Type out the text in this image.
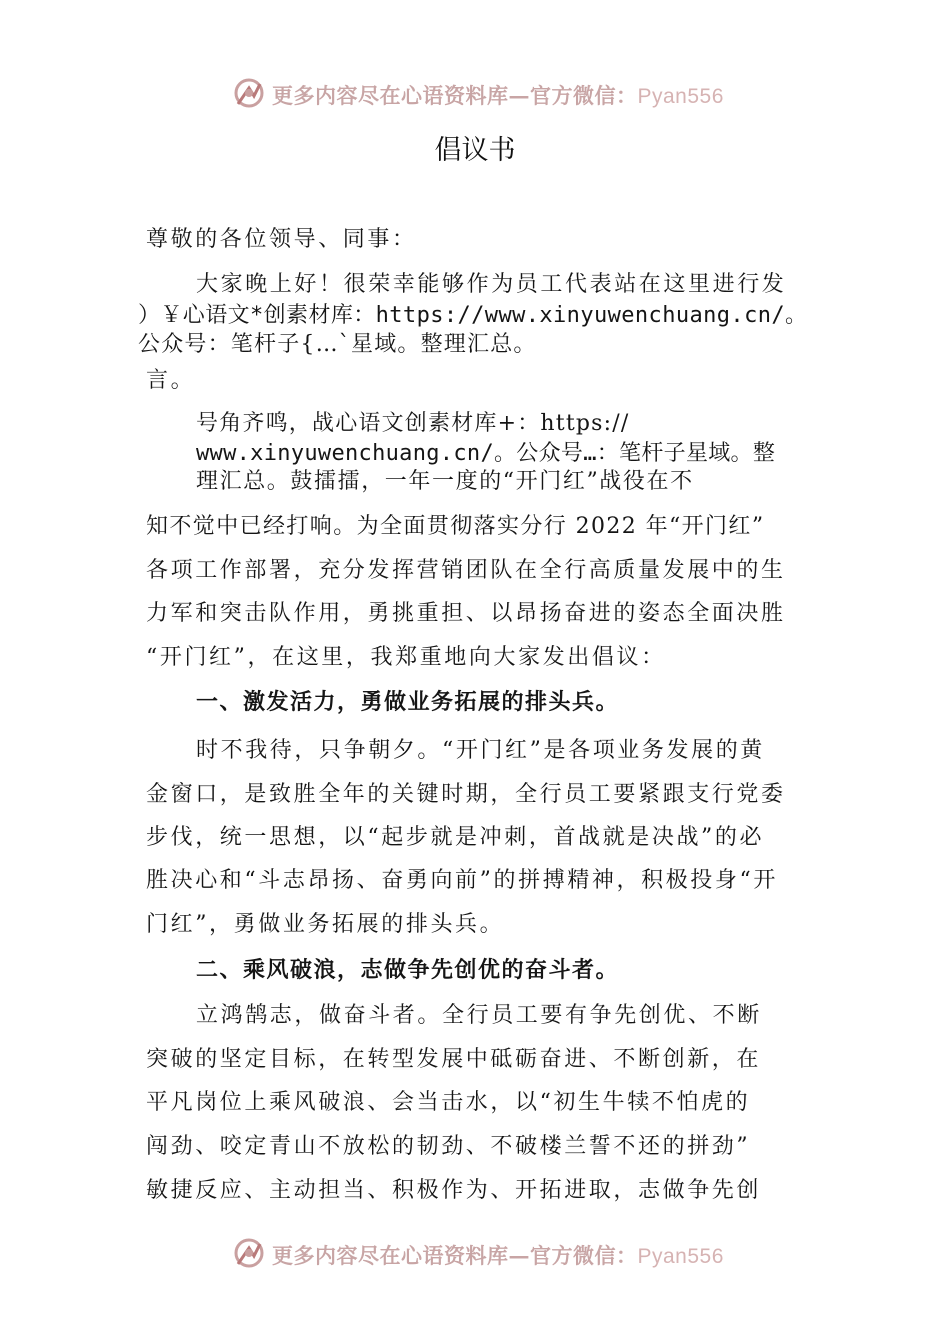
更多内容尽在心语资料库—官方微信：Pyan556
倡议书
尊敬的各位领导、同事：
大家晚上好！很荣幸能够作为员工代表站在这里进行发
）￥心语文*创素材库：https://www.xinyuwenchuang.cn/。
公众号：笔杆子{…`星域。整理汇总。
言。
号角齐鸣，战心语文创素材库+：https://
www.xinyuwenchuang.cn/。公众号…：笔杆子星域。整
理汇总。鼓擂擂，一年一度的“开门红”战役在不
知不觉中已经打响。为全面贯彻落实分行 2022 年“开门红”
各项工作部署，充分发挥营销团队在全行高质量发展中的生
力军和突击队作用，勇挑重担、以昂扬奋进的姿态全面决胜
“开门红”，在这里，我郑重地向大家发出倡议：
一、激发活力，勇做业务拓展的排头兵。
时不我待，只争朝夕。“开门红”是各项业务发展的黄
金窗口，是致胜全年的关键时期，全行员工要紧跟支行党委
步伐，统一思想，以“起步就是冲刺，首战就是决战”的必
胜决心和“斗志昂扬、奋勇向前”的拼搏精神，积极投身“开
门红”，勇做业务拓展的排头兵。
二、乘风破浪，志做争先创优的奋斗者。
立鸿鹄志，做奋斗者。全行员工要有争先创优、不断
突破的坚定目标，在转型发展中砥砺奋进、不断创新，在
平凡岗位上乘风破浪、会当击水，以“初生牛犊不怕虎的
闯劲、咬定青山不放松的韧劲、不破楼兰誓不还的拼劲”
敏捷反应、主动担当、积极作为、开拓进取，志做争先创
更多内容尽在心语资料库—官方微信：Pyan556
